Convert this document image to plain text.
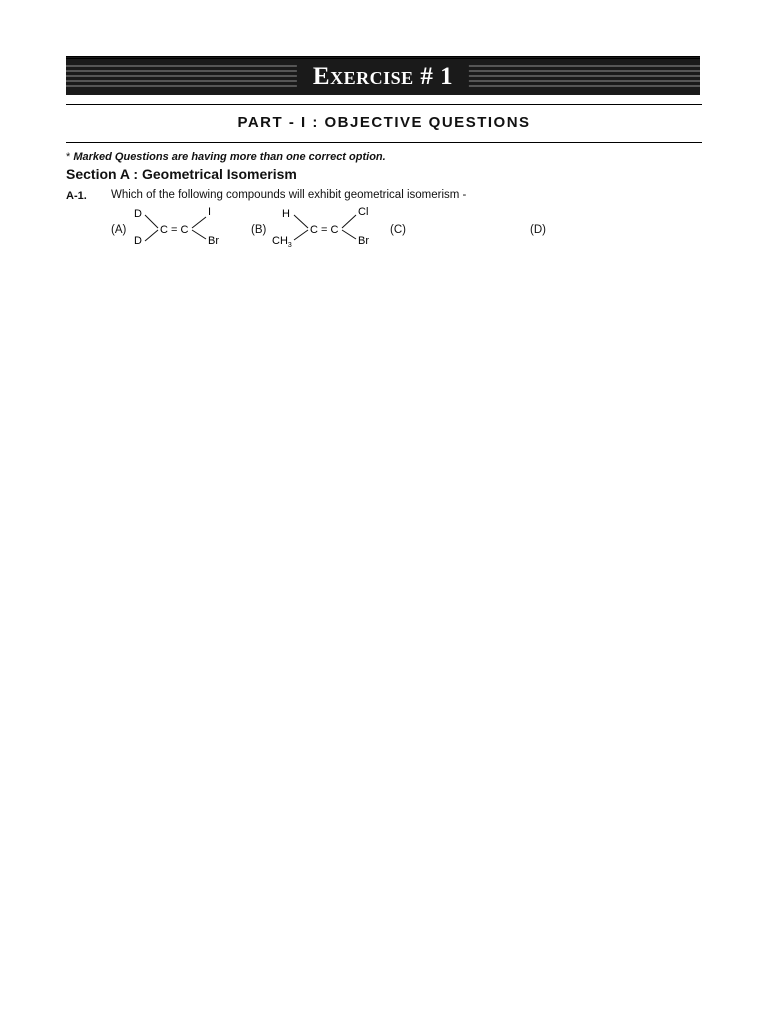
Exercise # 1
PART - I : OBJECTIVE QUESTIONS
* Marked Questions are having more than one correct option.
Section A : Geometrical Isomerism
A-1. Which of the following compounds will exhibit geometrical isomerism -
(A)	(B)	(C)	(D)
D
D
C = C
I
Br
H
$CH_3$
C = C
Cl
Br
